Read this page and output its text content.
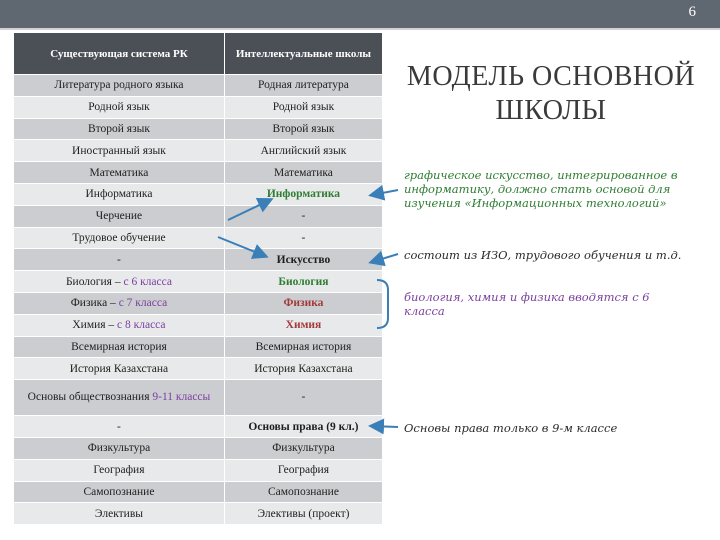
6
МОДЕЛЬ ОСНОВНОЙ
ШКОЛЫ
Существующая система РК	Интеллектуальные школы
Литература родного языка	Родная литература
Родной язык	Родной язык
Второй язык	Второй язык
Иностранный язык	Английский язык
Математика	Математика
Информатика	Информатика
Черчение	-
Трудовое обучение	-
-	Искусство
Биология – с 6 класса	Биология
Физика – с 7 класса	Физика
Химия – с 8 класса	Химия
Всемирная история	Всемирная история
История Казахстана	История Казахстана
Основы обществознания 9-11 классы	-
-	Основы права (9 кл.)
Физкультура	Физкультура
География	География
Самопознание	Самопознание
Элективы	Элективы (проект)
графическое искусство, интегрированное в информатику, должно стать основой для изучения «Информационных технологий»
состоит из ИЗО, трудового обучения и т.д.
биология, химия и физика вводятся с 6 класса
Основы права только в 9-м классе
